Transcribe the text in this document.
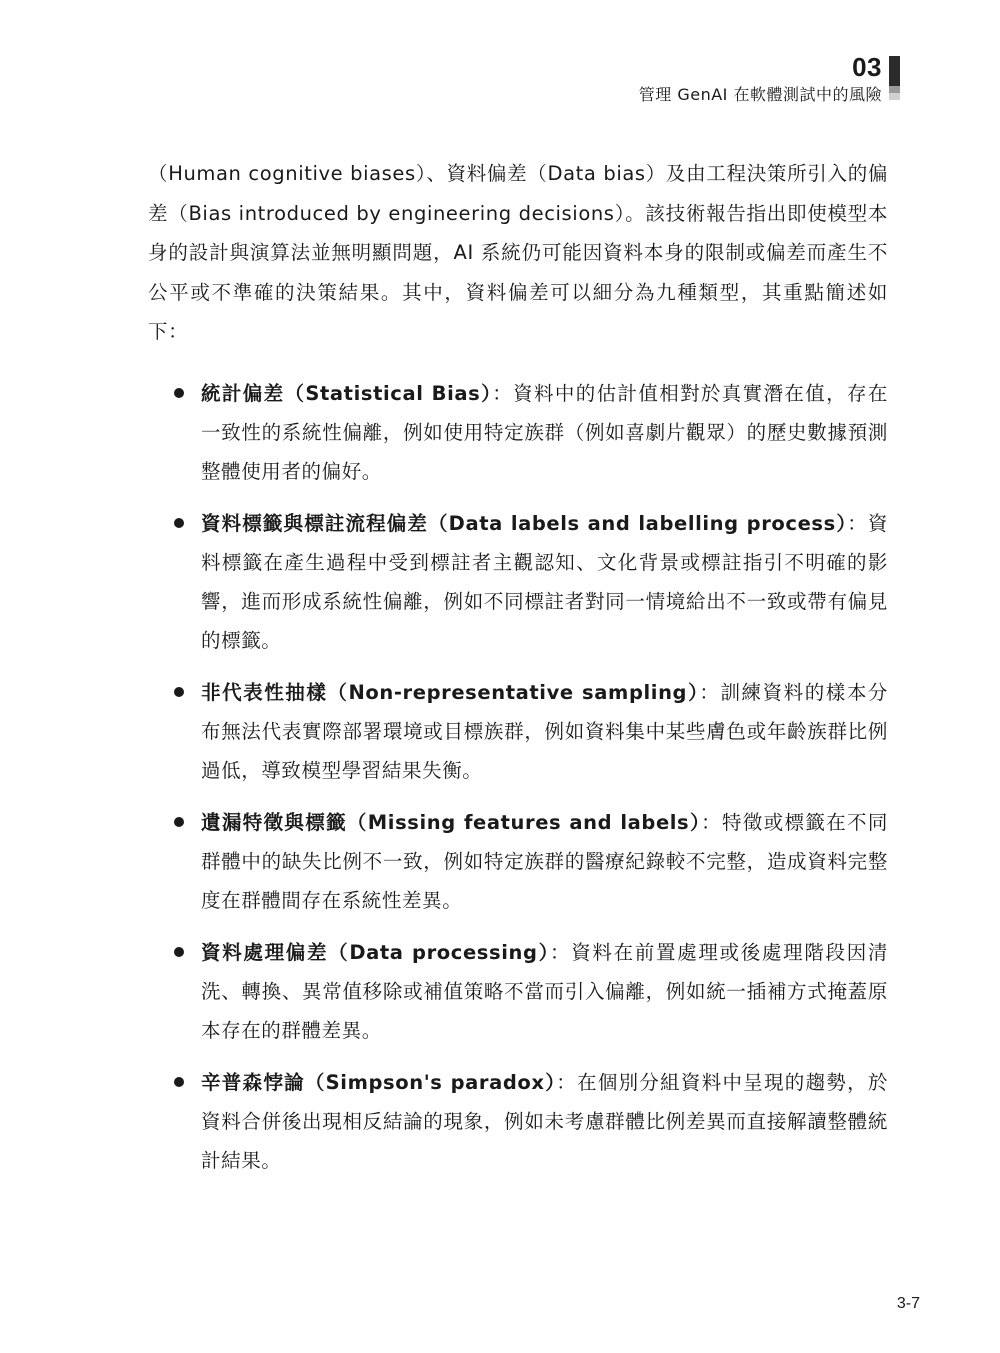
03
管理 GenAI 在軟體測試中的風險

（Human cognitive biases）、資料偏差（Data bias）及由工程決策所引入的偏差（Bias introduced by engineering decisions）。該技術報告指出即使模型本身的設計與演算法並無明顯問題，AI 系統仍可能因資料本身的限制或偏差而產生不公平或不準確的決策結果。其中，資料偏差可以細分為九種類型，其重點簡述如下：

統計偏差（Statistical Bias）：資料中的估計值相對於真實潛在值，存在一致性的系統性偏離，例如使用特定族群（例如喜劇片觀眾）的歷史數據預測整體使用者的偏好。
資料標籤與標註流程偏差（Data labels and labelling process）：資料標籤在產生過程中受到標註者主觀認知、文化背景或標註指引不明確的影響，進而形成系統性偏離，例如不同標註者對同一情境給出不一致或帶有偏見的標籤。
非代表性抽樣（Non-representative sampling）：訓練資料的樣本分布無法代表實際部署環境或目標族群，例如資料集中某些膚色或年齡族群比例過低，導致模型學習結果失衡。
遺漏特徵與標籤（Missing features and labels）：特徵或標籤在不同群體中的缺失比例不一致，例如特定族群的醫療紀錄較不完整，造成資料完整度在群體間存在系統性差異。
資料處理偏差（Data processing）：資料在前置處理或後處理階段因清洗、轉換、異常值移除或補值策略不當而引入偏離，例如統一插補方式掩蓋原本存在的群體差異。
辛普森悖論（Simpson's paradox）：在個別分組資料中呈現的趨勢，於資料合併後出現相反結論的現象，例如未考慮群體比例差異而直接解讀整體統計結果。
3-7
